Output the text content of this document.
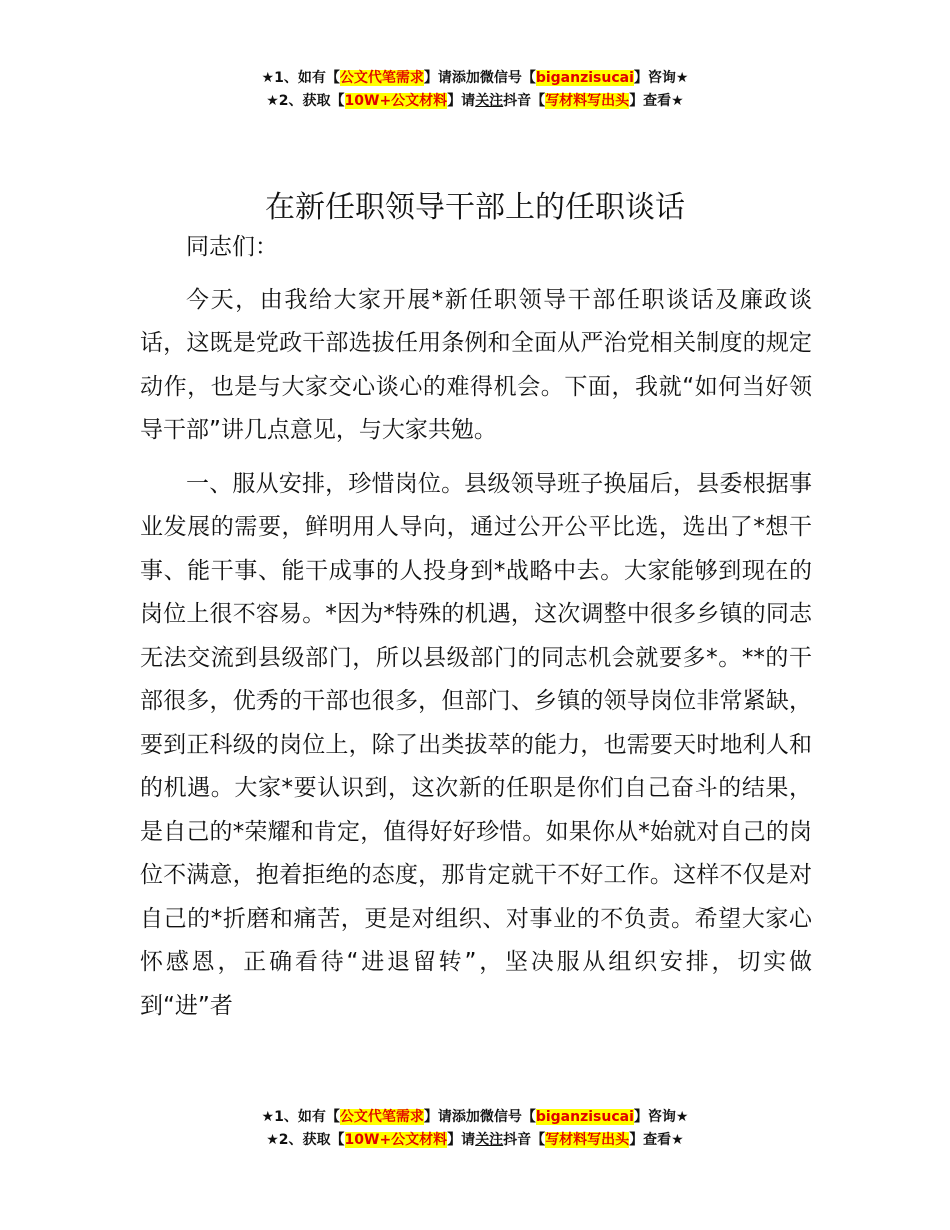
★1、如有【公文代笔需求】请添加微信号【biganzisucai】咨询★
★2、获取【10W+公文材料】请关注抖音【写材料写出头】查看★
在新任职领导干部上的任职谈话

同志们：

今天，由我给大家开展*新任职领导干部任职谈话及廉政谈话，这既是党政干部选拔任用条例和全面从严治党相关制度的规定动作，也是与大家交心谈心的难得机会。下面，我就“如何当好领导干部”讲几点意见，与大家共勉。

一、服从安排，珍惜岗位。县级领导班子换届后，县委根据事业发展的需要，鲜明用人导向，通过公开公平比选，选出了*想干事、能干事、能干成事的人投身到*战略中去。大家能够到现在的岗位上很不容易。*因为*特殊的机遇，这次调整中很多乡镇的同志无法交流到县级部门，所以县级部门的同志机会就要多*。**的干部很多，优秀的干部也很多，但部门、乡镇的领导岗位非常紧缺，要到正科级的岗位上，除了出类拔萃的能力，也需要天时地利人和的机遇。大家*要认识到，这次新的任职是你们自己奋斗的结果，是自己的*荣耀和肯定，值得好好珍惜。如果你从*始就对自己的岗位不满意，抱着拒绝的态度，那肯定就干不好工作。这样不仅是对自己的*折磨和痛苦，更是对组织、对事业的不负责。希望大家心怀感恩，正确看待“进退留转”，坚决服从组织安排，切实做到“进”者

★1、如有【公文代笔需求】请添加微信号【biganzisucai】咨询★
★2、获取【10W+公文材料】请关注抖音【写材料写出头】查看★
